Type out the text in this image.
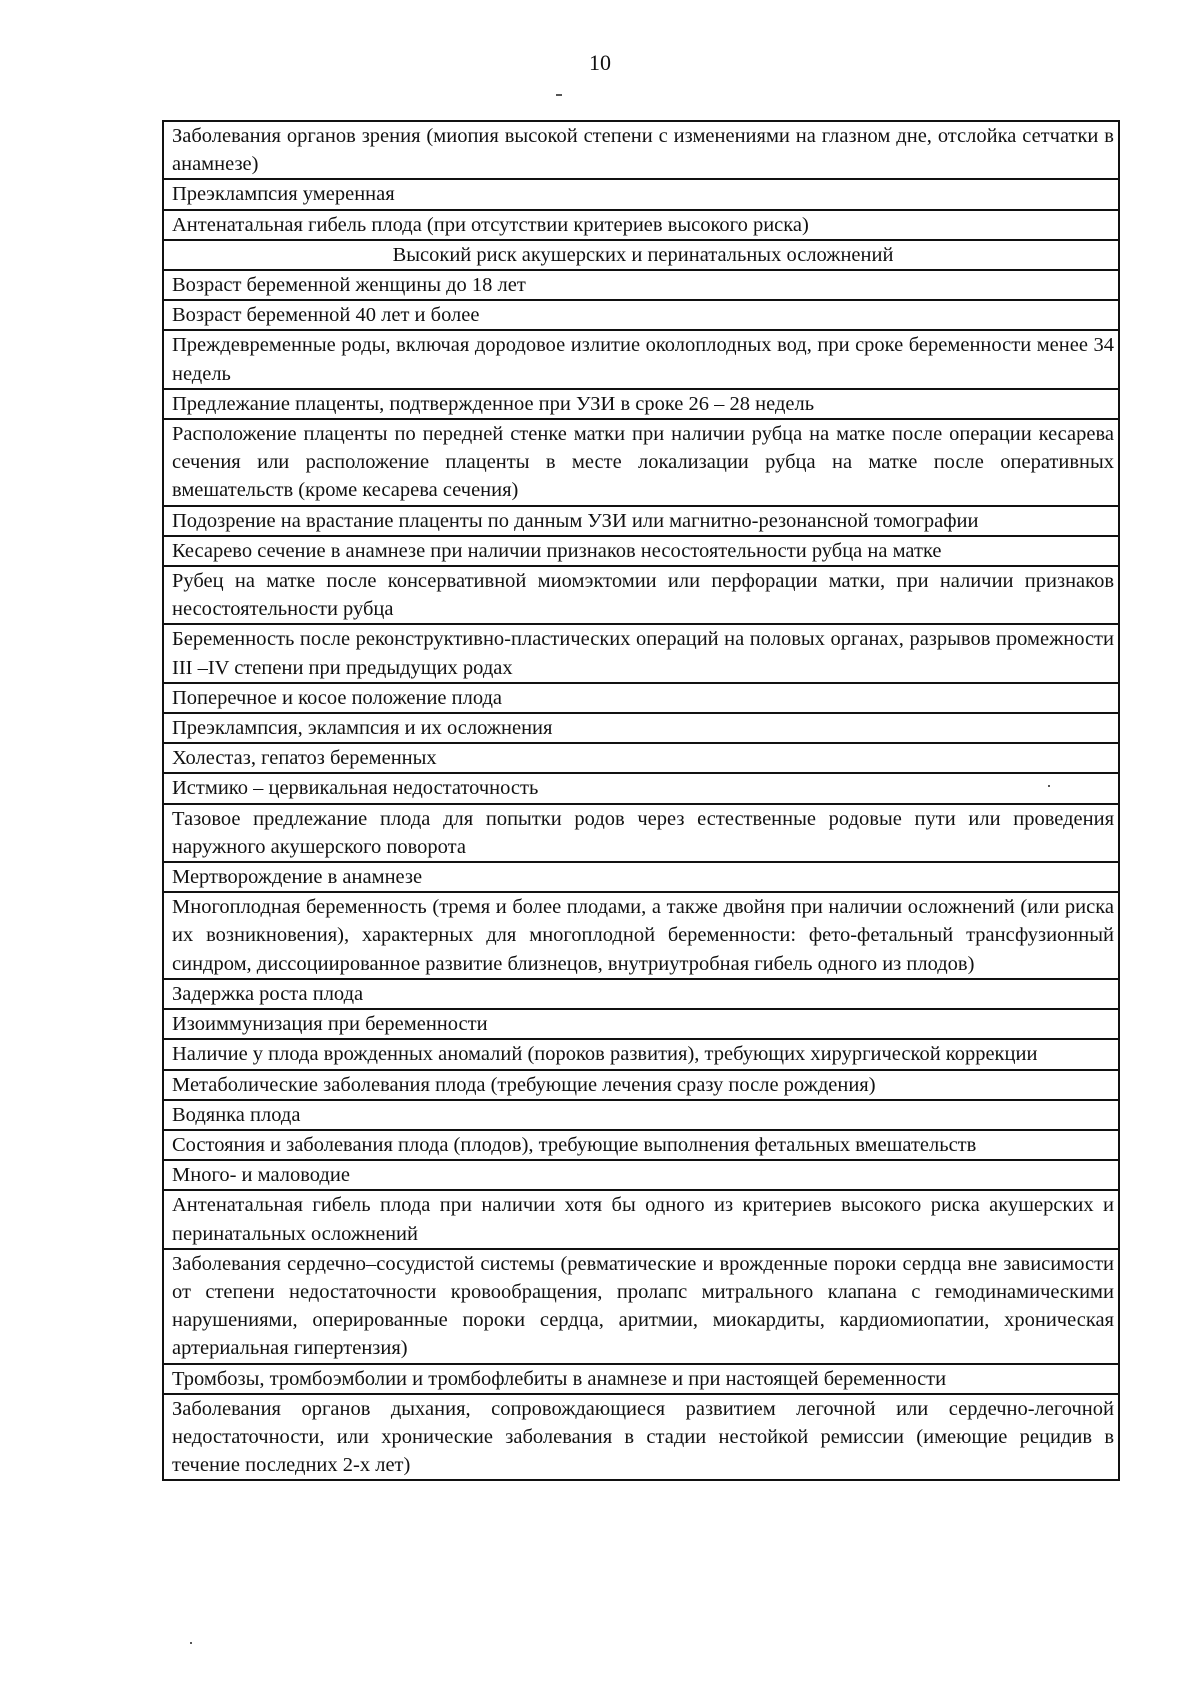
10
Заболевания органов зрения (миопия высокой степени с изменениями на глазном дне, отслойка сетчатки в анамнезе)
Преэклампсия умеренная
Антенатальная гибель плода (при отсутствии критериев высокого риска)
Высокий риск акушерских и перинатальных осложнений
Возраст беременной женщины до 18 лет
Возраст беременной 40 лет и более
Преждевременные роды, включая дородовое излитие околоплодных вод, при сроке беременности менее 34 недель
Предлежание плаценты, подтвержденное при УЗИ в сроке 26 – 28 недель
Расположение плаценты по передней стенке матки при наличии рубца на матке после операции кесарева сечения или расположение плаценты в месте локализации рубца на матке после оперативных вмешательств (кроме кесарева сечения)
Подозрение на врастание плаценты по данным УЗИ или магнитно-резонансной томографии
Кесарево сечение в анамнезе при наличии признаков несостоятельности рубца на матке
Рубец на матке после консервативной миомэктомии или перфорации матки, при наличии признаков несостоятельности рубца
Беременность после реконструктивно-пластических операций на половых органах, разрывов промежности III –IV степени при предыдущих родах
Поперечное и косое положение плода
Преэклампсия, эклампсия и их осложнения
Холестаз, гепатоз беременных
Истмико – цервикальная недостаточность
Тазовое предлежание плода для попытки родов через естественные родовые пути или проведения наружного акушерского поворота
Мертворождение в анамнезе
Многоплодная беременность (тремя и более плодами, а также двойня при наличии осложнений (или риска их возникновения), характерных для многоплодной беременности: фето-фетальный трансфузионный синдром, диссоциированное развитие близнецов, внутриутробная гибель одного из плодов)
Задержка роста плода
Изоиммунизация при беременности
Наличие у плода врожденных аномалий (пороков развития), требующих хирургической коррекции
Метаболические заболевания плода (требующие лечения сразу после рождения)
Водянка плода
Состояния и заболевания плода (плодов), требующие выполнения фетальных вмешательств
Много- и маловодие
Антенатальная гибель плода при наличии хотя бы одного из критериев высокого риска акушерских и перинатальных осложнений
Заболевания сердечно–сосудистой системы (ревматические и врожденные пороки сердца вне зависимости от степени недостаточности кровообращения, пролапс митрального клапана с гемодинамическими нарушениями, оперированные пороки сердца, аритмии, миокардиты, кардиомиопатии, хроническая артериальная гипертензия)
Тромбозы, тромбоэмболии и тромбофлебиты в анамнезе и при настоящей беременности
Заболевания органов дыхания, сопровождающиеся развитием легочной или сердечно-легочной недостаточности, или хронические заболевания в стадии нестойкой ремиссии (имеющие рецидив в течение последних 2-х лет)
